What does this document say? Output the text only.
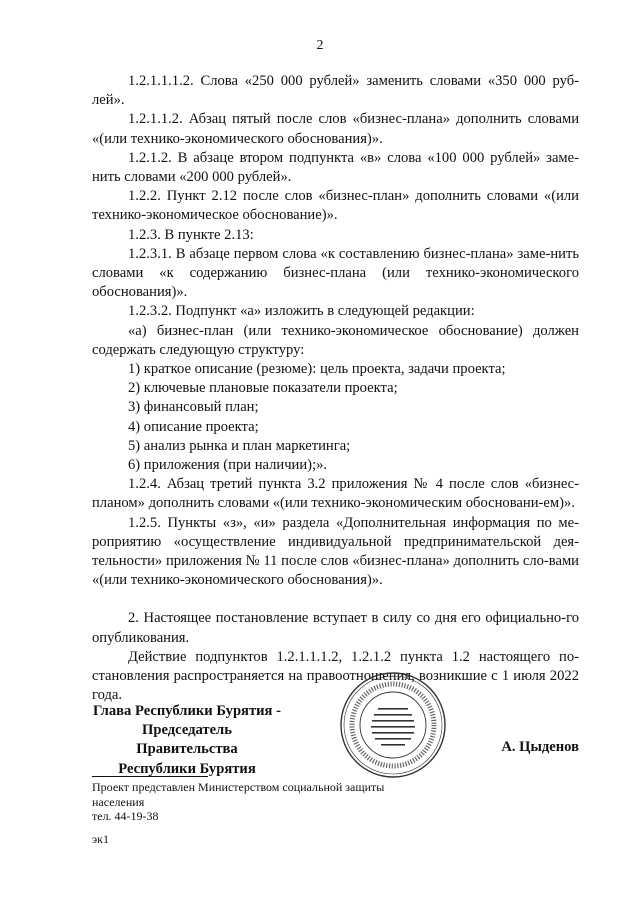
2

1.2.1.1.1.2. Слова «250 000 рублей» заменить словами «350 000 руб-лей».

1.2.1.1.2. Абзац пятый после слов «бизнес-плана» дополнить словами «(или технико-экономического обоснования)».

1.2.1.2. В абзаце втором подпункта «в» слова «100 000 рублей» заме-нить словами «200 000 рублей».

1.2.2. Пункт 2.12 после слов «бизнес-план» дополнить словами «(или технико-экономическое обоснование)».

1.2.3. В пункте 2.13:

1.2.3.1. В абзаце первом слова «к составлению бизнес-плана» заме-нить словами «к содержанию бизнес-плана (или технико-экономического обоснования)».

1.2.3.2. Подпункт «а» изложить в следующей редакции:

«а) бизнес-план (или технико-экономическое обоснование) должен содержать следующую структуру:

1) краткое описание (резюме): цель проекта, задачи проекта;

2) ключевые плановые показатели проекта;

3) финансовый план;

4) описание проекта;

5) анализ рынка и план маркетинга;

6) приложения (при наличии);».

1.2.4. Абзац третий пункта 3.2 приложения № 4 после слов «бизнес-планом» дополнить словами «(или технико-экономическим обосновани-ем)».

1.2.5. Пункты «з», «и» раздела «Дополнительная информация по ме-роприятию «осуществление индивидуальной предпринимательской дея-тельности» приложения № 11 после слов «бизнес-плана» дополнить сло-вами «(или технико-экономического обоснования)».

2. Настоящее постановление вступает в силу со дня его официально-го опубликования.

Действие подпунктов 1.2.1.1.1.2, 1.2.1.2 пункта 1.2 настоящего по-становления распространяется на правоотношения, возникшие с 1 июля 2022 года.

Глава Республики Бурятия -
Председатель Правительства
Республики Бурятия
А. Цыденов
Проект представлен Министерством социальной защиты
населения
тел. 44-19-38
эк1
